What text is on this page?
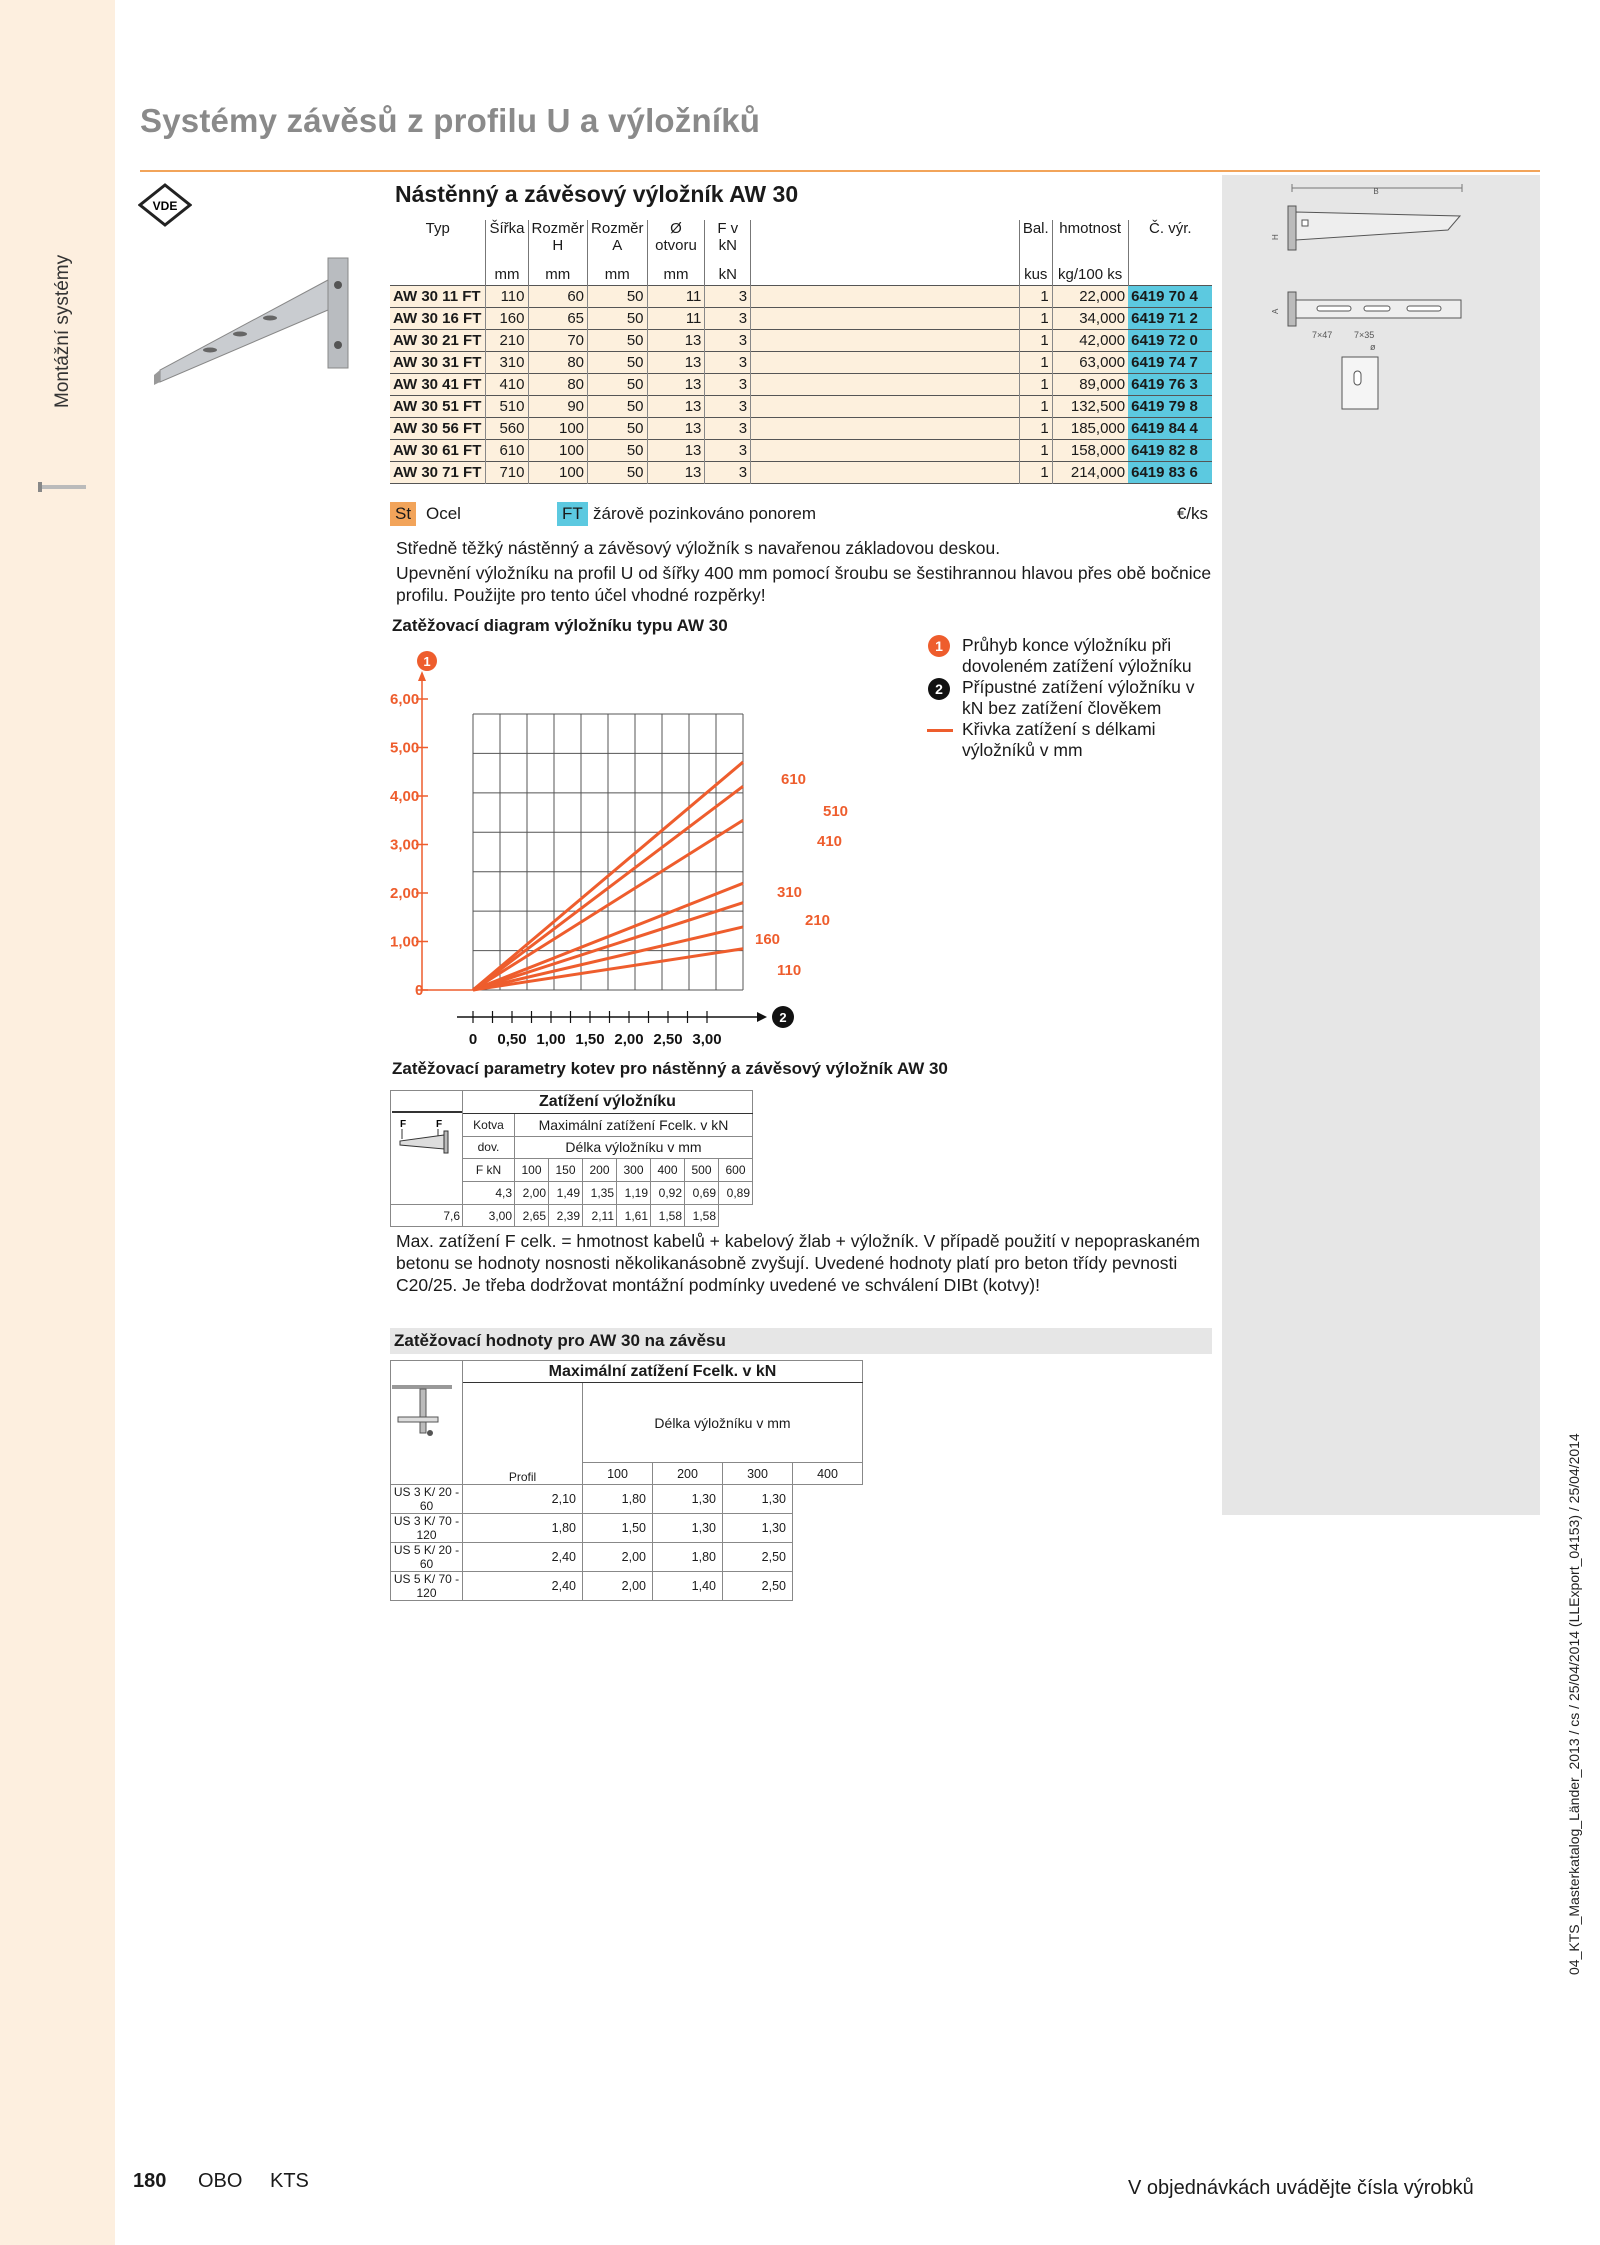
Montážní systémy
Systémy závěsů z profilu U a výložníků
VDE	Nástěnný a závěsový výložník AW 30	B
H
A
7×47 7×35
ø
Typ	Šířka	Rozměr H	Rozměr A	Ø otvoru	F v kN		Bal.	hmotnost	Č. výr.
	mm	mm	mm	mm	kN		kus	kg/100 ks	
AW 30 11 FT	110	60	50	11	3		1	22,000	6419 70 4
AW 30 16 FT	160	65	50	11	3		1	34,000	6419 71 2
AW 30 21 FT	210	70	50	13	3		1	42,000	6419 72 0
AW 30 31 FT	310	80	50	13	3		1	63,000	6419 74 7
AW 30 41 FT	410	80	50	13	3		1	89,000	6419 76 3
AW 30 51 FT	510	90	50	13	3		1	132,500	6419 79 8
AW 30 56 FT	560	100	50	13	3		1	185,000	6419 84 4
AW 30 61 FT	610	100	50	13	3		1	158,000	6419 82 8
AW 30 71 FT	710	100	50	13	3		1	214,000	6419 83 6
St Ocel	FT žárově pozinkováno ponorem	€/ks
Středně těžký nástěnný a závěsový výložník s navařenou základovou deskou.
Upevnění výložníku na profil U od šířky 400 mm pomocí šroubu se šestihrannou hlavou přes obě bočnice profilu. Použijte pro tento účel vhodné rozpěrky!
Zatěžovací diagram výložníku typu AW 30
0
1,00
2,00
3,00
4,00
5,00
6,00
1
0 0,50 1,00 1,50 2,00 2,50 3,00
2
610
510
410
310
210
160
110
1	Průhyb konce výložníku při dovoleném zatížení výložníku
2	Přípustné zatížení výložníku v kN bez zatížení člověkem
Křivka zatížení s délkami výložníků v mm
Zatěžovací parametry kotev pro nástěnný a závěsový výložník AW 30
F F	Zatížení výložníku							
	Kotva	Maximální zatížení Fcelk. v kN						
	dov.	Délka výložníku v mm						
	F kN	100	150	200	300	400	500	600
	4,3	2,00	1,49	1,35	1,19	0,92	0,69	0,89
7,6	3,00	2,65	2,39	2,11	1,61	1,58	1,58	
Max. zatížení F celk. = hmotnost kabelů + kabelový žlab + výložník. V případě použití v nepopraskaném betonu se hodnoty nosnosti několikanásobně zvyšují. Uvedené hodnoty platí pro beton třídy pevnosti C20/25. Je třeba dodržovat montážní podmínky uvedené ve schválení DIBt (kotvy)!
Zatěžovací hodnoty pro AW 30 na závěsu
	Maximální zatížení Fcelk. v kN				
	Profil	Délka výložníku v mm			
		100	200	300	400
US 3 K/ 20 - 60	2,10	1,80	1,30	1,30	
US 3 K/ 70 - 120	1,80	1,50	1,30	1,30	
US 5 K/ 20 - 60	2,40	2,00	1,80	2,50	
US 5 K/ 70 - 120	2,40	2,00	1,40	2,50	
180 OBO KTS	V objednávkách uvádějte čísla výrobků
04_KTS_Masterkatalog_Länder_2013 / cs / 25/04/2014 (LLExport_04153) / 25/04/2014
